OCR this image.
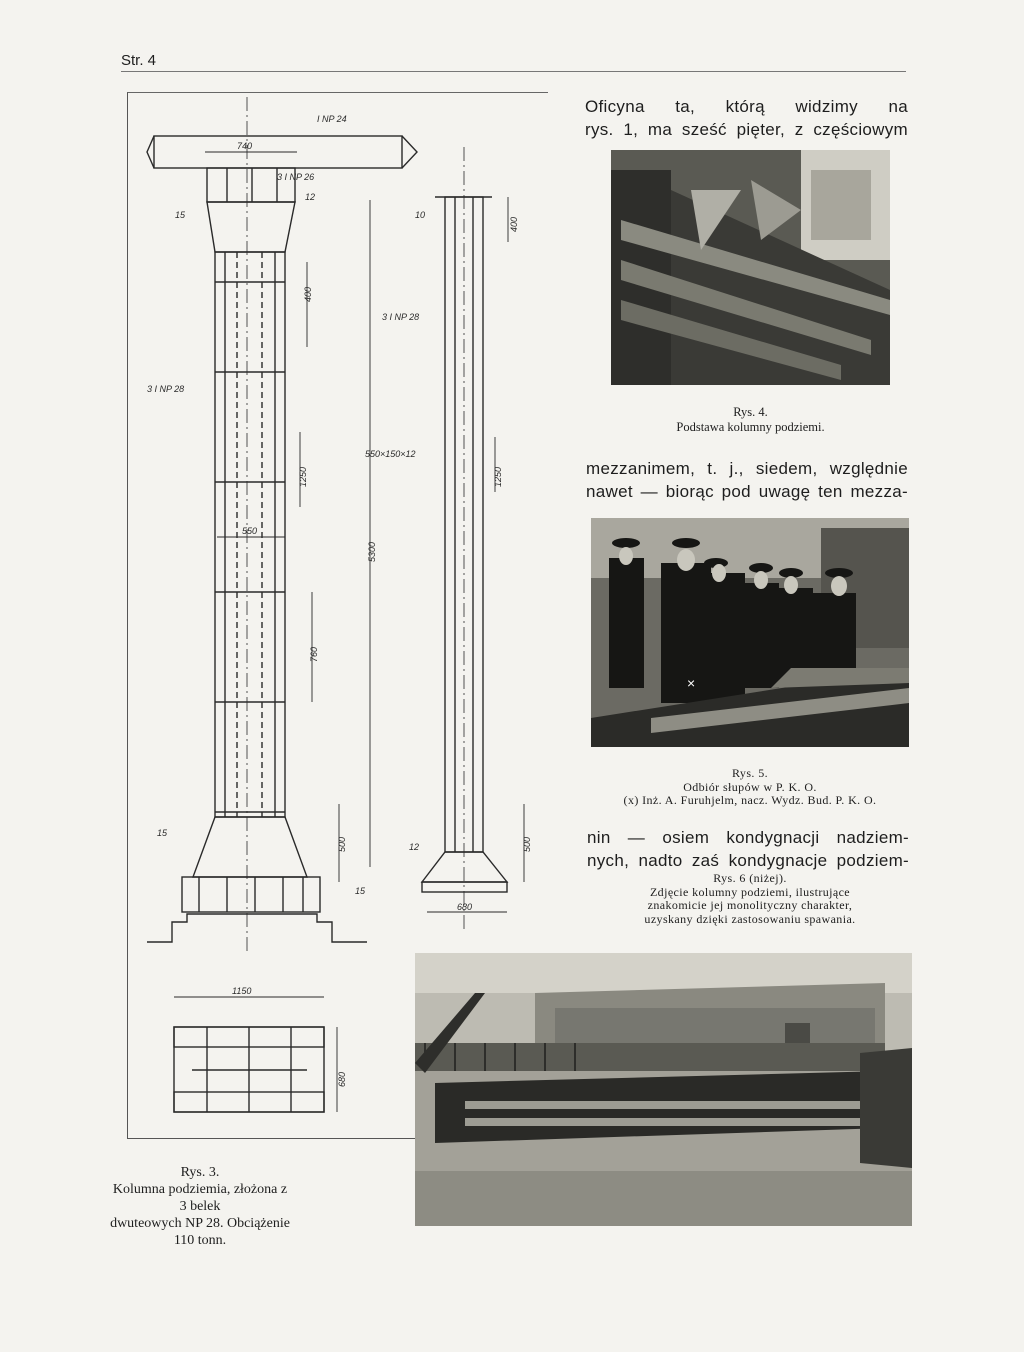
Str. 4
I NP 24
740
3 I NP 26
12
15	10
400
400
3 I NP 28
3 I NP 28
550×150×12
1250	1250
550
5300
760
15
500	500
12
15
680
1150
680
Oficyna ta, którą widzimy na
rys. 1, ma sześć pięter, z częściowym
Rys. 4.
Podstawa kolumny podziemi.
mezzanimem, t. j., siedem, względnie
nawet — biorąc pod uwagę ten mezza-
×
Rys. 5.
Odbiór słupów w P. K. O.
(x) Inż. A. Furuhjelm, nacz. Wydz. Bud. P. K. O.
nin — osiem kondygnacji nadziem-
nych, nadto zaś kondygnacje podziem-
Rys. 6 (niżej).
Zdjęcie kolumny podziemi, ilustrujące
znakomicie jej monolityczny charakter,
uzyskany dzięki zastosowaniu spawania.
Rys. 3.
Kolumna podziemia, złożona z 3 belek
dwuteowych NP 28. Obciążenie
110 tonn.
